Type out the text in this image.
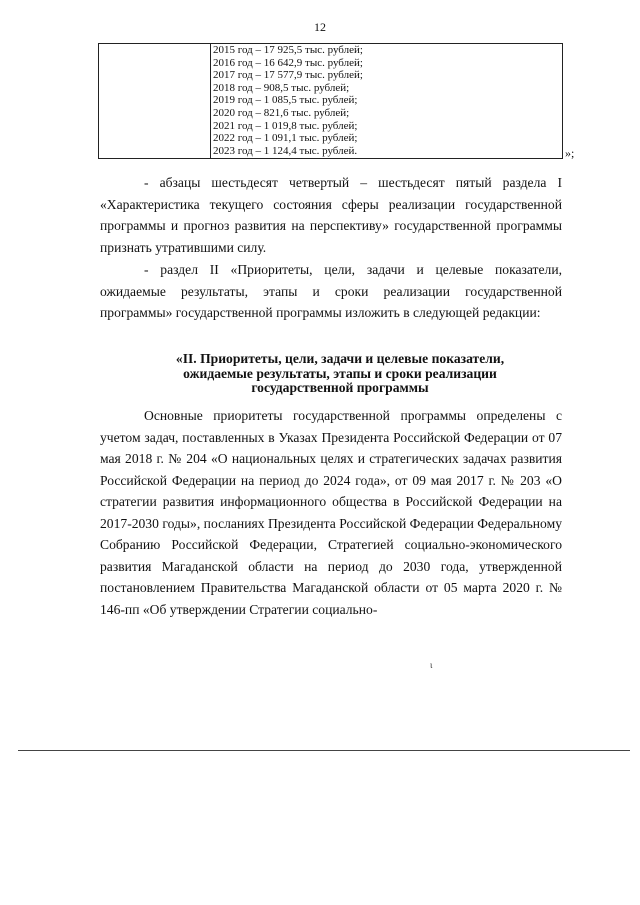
12
2015 год – 17 925,5 тыс. рублей;
2016 год – 16 642,9 тыс. рублей;
2017 год – 17 577,9 тыс. рублей;
2018 год – 908,5 тыс. рублей;
2019 год – 1 085,5 тыс. рублей;
2020 год – 821,6 тыс. рублей;
2021 год – 1 019,8 тыс. рублей;
2022 год – 1 091,1 тыс. рублей;
2023 год – 1 124,4 тыс. рублей.	»;
- абзацы шестьдесят четвертый – шестьдесят пятый раздела I «Характеристика текущего состояния сферы реализации государственной программы и прогноз развития на перспективу» государственной программы признать утратившими силу.
- раздел II «Приоритеты, цели, задачи и целевые показатели, ожидаемые результаты, этапы и сроки реализации государственной программы» государственной программы изложить в следующей редакции:
«II. Приоритеты, цели, задачи и целевые показатели, ожидаемые результаты, этапы и сроки реализации государственной программы
Основные приоритеты государственной программы определены с учетом задач, поставленных в Указах Президента Российской Федерации от 07 мая 2018 г. № 204 «О национальных целях и стратегических задачах развития Российской Федерации на период до 2024 года», от 09 мая 2017 г. № 203 «О стратегии развития информационного общества в Российской Федерации на 2017-2030 годы», посланиях Президента Российской Федерации Федеральному Собранию Российской Федерации, Стратегией социально-экономического развития Магаданской области на период до 2030 года, утвержденной постановлением Правительства Магаданской области от 05 марта 2020 г. № 146-пп «Об утверждении Стратегии социально-
ι
